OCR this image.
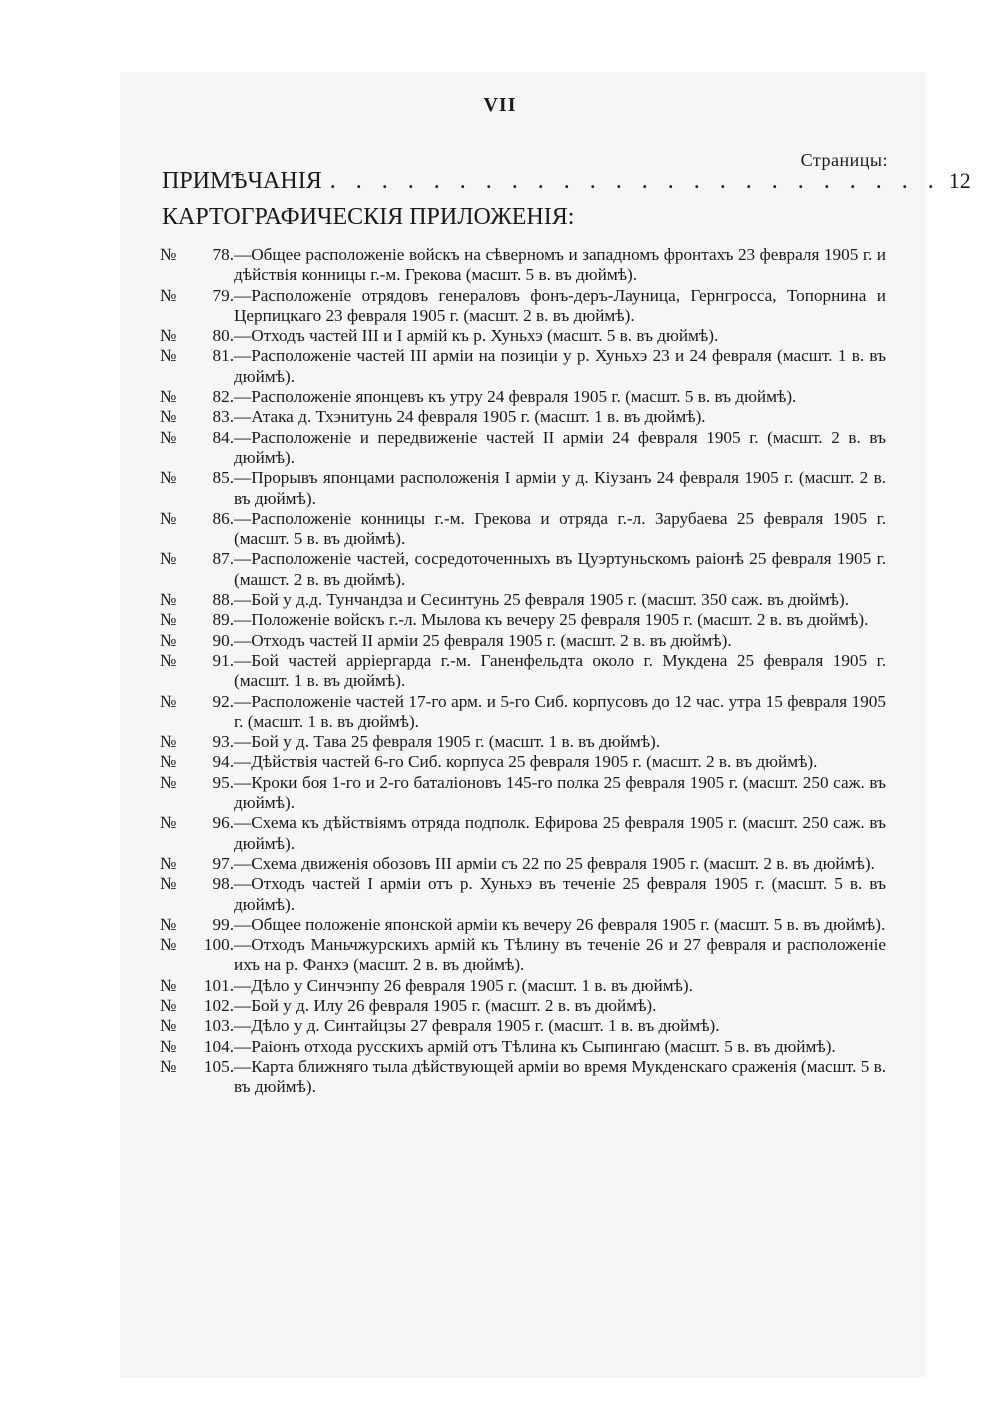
VII
Страницы:
ПРИМѢЧАНІЯ . . . . . . . . . . . . . . . . . . . . . . . . 12
КАРТОГРАФИЧЕСКІЯ ПРИЛОЖЕНІЯ:
№	78. —Общее расположеніе войскъ на сѣверномъ и западномъ фронтахъ 23 февраля 1905 г. и дѣйствія конницы г.-м. Грекова (масшт. 5 в. въ дюймѣ).
№	79. —Расположеніе отрядовъ генераловъ фонъ-деръ-Лауница, Гернгросса, Топорнина и Церпицкаго 23 февраля 1905 г. (масшт. 2 в. въ дюймѣ).
№	80. —Отходъ частей III и I армій къ р. Хуньхэ (масшт. 5 в. въ дюймѣ).
№	81. —Расположеніе частей III арміи на позиціи у р. Хуньхэ 23 и 24 февраля (масшт. 1 в. въ дюймѣ).
№	82. —Расположеніе японцевъ къ утру 24 февраля 1905 г. (масшт. 5 в. въ дюймѣ).
№	83. —Атака д. Тхэнитунь 24 февраля 1905 г. (масшт. 1 в. въ дюймѣ).
№	84. —Расположеніе и передвиженіе частей II арміи 24 февраля 1905 г. (масшт. 2 в. въ дюймѣ).
№	85. —Прорывъ японцами расположенія I арміи у д. Кіузанъ 24 февраля 1905 г. (масшт. 2 в. въ дюймѣ).
№	86. —Расположеніе конницы г.-м. Грекова и отряда г.-л. Зарубаева 25 февраля 1905 г. (масшт. 5 в. въ дюймѣ).
№	87. —Расположеніе частей, сосредоточенныхъ въ Цуэртуньскомъ раіонѣ 25 февраля 1905 г. (машст. 2 в. въ дюймѣ).
№	88. —Бой у д.д. Тунчандза и Сесинтунь 25 февраля 1905 г. (масшт. 350 саж. въ дюймѣ).
№	89. —Положеніе войскъ г.-л. Мылова къ вечеру 25 февраля 1905 г. (масшт. 2 в. въ дюймѣ).
№	90. —Отходъ частей II арміи 25 февраля 1905 г. (масшт. 2 в. въ дюймѣ).
№	91. —Бой частей арріергарда г.-м. Ганенфельдта около г. Мукдена 25 февраля 1905 г. (масшт. 1 в. въ дюймѣ).
№	92. —Расположеніе частей 17-го арм. и 5-го Сиб. корпусовъ до 12 час. утра 15 февраля 1905 г. (масшт. 1 в. въ дюймѣ).
№	93. —Бой у д. Тава 25 февраля 1905 г. (масшт. 1 в. въ дюймѣ).
№	94. —Дѣйствія частей 6-го Сиб. корпуса 25 февраля 1905 г. (масшт. 2 в. въ дюймѣ).
№	95. —Кроки боя 1-го и 2-го баталіоновъ 145-го полка 25 февраля 1905 г. (масшт. 250 саж. въ дюймѣ).
№	96. —Схема къ дѣйствіямъ отряда подполк. Ефирова 25 февраля 1905 г. (масшт. 250 саж. въ дюймѣ).
№	97. —Схема движенія обозовъ III арміи съ 22 по 25 февраля 1905 г. (масшт. 2 в. въ дюймѣ).
№	98. —Отходъ частей I арміи отъ р. Хуньхэ въ теченіе 25 февраля 1905 г. (масшт. 5 в. въ дюймѣ).
№	99. —Общее положеніе японской арміи къ вечеру 26 февраля 1905 г. (масшт. 5 в. въ дюймѣ).
№	100. —Отходъ Маньчжурскихъ армій къ Тѣлину въ теченіе 26 и 27 февраля и расположеніе ихъ на р. Фанхэ (масшт. 2 в. въ дюймѣ).
№	101. —Дѣло у Синчэнпу 26 февраля 1905 г. (масшт. 1 в. въ дюймѣ).
№	102. —Бой у д. Илу 26 февраля 1905 г. (масшт. 2 в. въ дюймѣ).
№	103. —Дѣло у д. Синтайцзы 27 февраля 1905 г. (масшт. 1 в. въ дюймѣ).
№	104. —Раіонъ отхода русскихъ армій отъ Тѣлина къ Сыпингаю (масшт. 5 в. въ дюймѣ).
№	105. —Карта ближняго тыла дѣйствующей арміи во время Мукденскаго сраженія (масшт. 5 в. въ дюймѣ).
